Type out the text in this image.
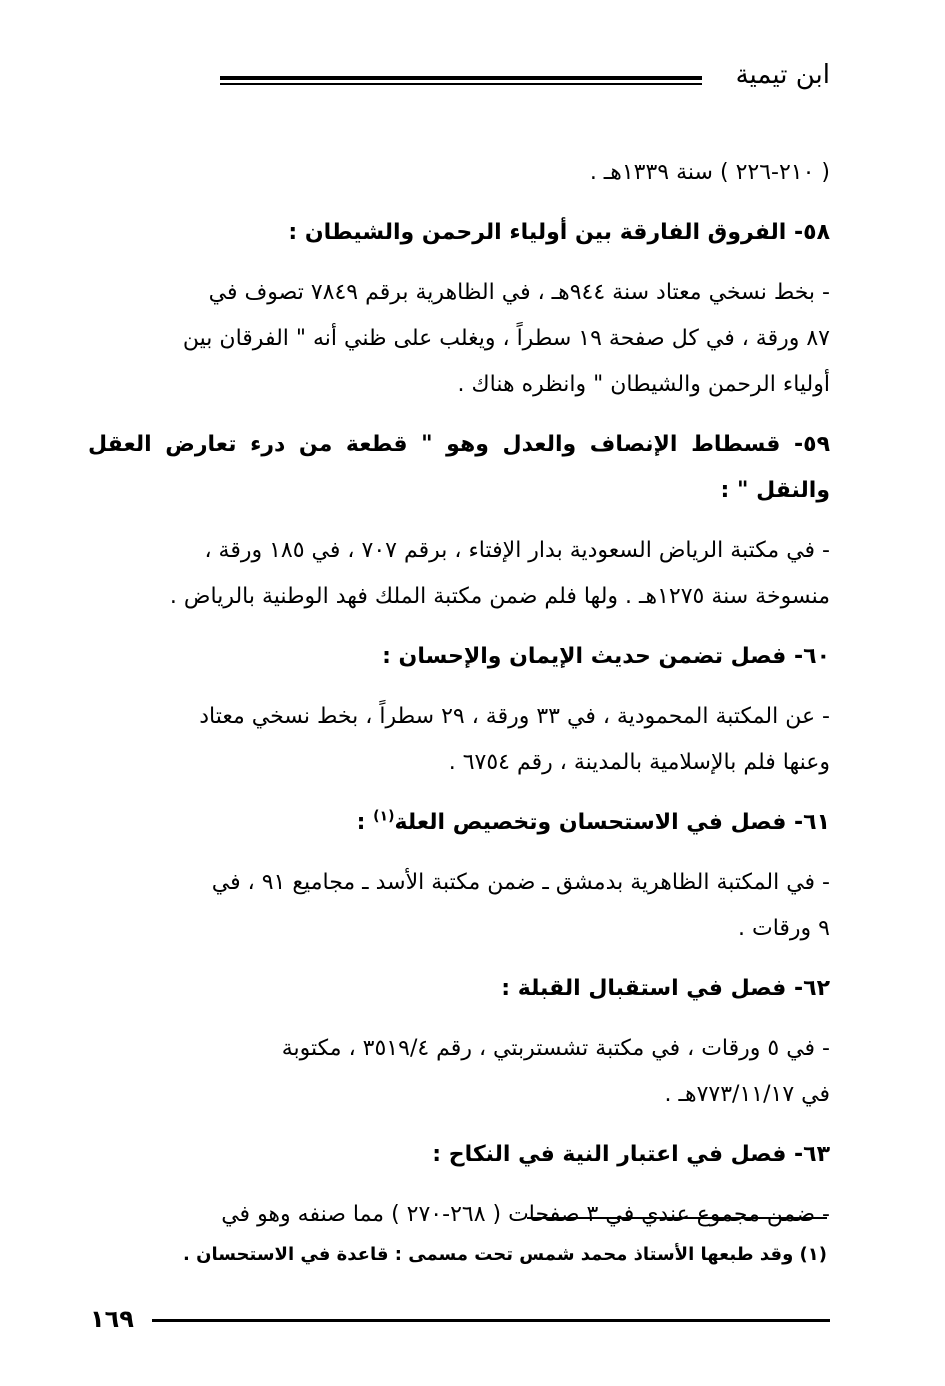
ابن تيمية
( ٢١٠-٢٢٦ ) سنة ١٣٣٩هـ .
٥٨- الفروق الفارقة بين أولياء الرحمن والشيطان :
- بخط نسخي معتاد سنة ٩٤٤هـ ، في الظاهرية برقم ٧٨٤٩ تصوف في
٨٧ ورقة ، في كل صفحة ١٩ سطراً ، ويغلب على ظني أنه " الفرقان بين
أولياء الرحمن والشيطان " وانظره هناك .
٥٩- قسطاط الإنصاف والعدل وهو " قطعة من درء تعارض العقل والنقل " :
- في مكتبة الرياض السعودية بدار الإفتاء ، برقم ٧٠٧ ، في ١٨٥ ورقة ،
منسوخة سنة ١٢٧٥هـ . ولها فلم ضمن مكتبة الملك فهد الوطنية بالرياض .
٦٠- فصل تضمن حديث الإيمان والإحسان :
- عن المكتبة المحمودية ، في ٣٣ ورقة ، ٢٩ سطراً ، بخط نسخي معتاد
وعنها فلم بالإسلامية بالمدينة ، رقم ٦٧٥٤ .
٦١- فصل في الاستحسان وتخصيص العلة$^{(١)}$ :
- في المكتبة الظاهرية بدمشق ـ ضمن مكتبة الأسد ـ مجاميع ٩١ ، في
٩ ورقات .
٦٢- فصل في استقبال القبلة :
- في ٥ ورقات ، في مكتبة تشستربتي ، رقم ٣٥١٩/٤ ، مكتوبة
في ٧٧٣/١١/١٧هـ .
٦٣- فصل في اعتبار النية في النكاح :
- ضمن مجموع عندي في ٣ صفحات ( ٢٦٨-٢٧٠ ) مما صنفه وهو في
(١) وقد طبعها الأستاذ محمد شمس تحت مسمى : قاعدة في الاستحسان .
١٦٩
